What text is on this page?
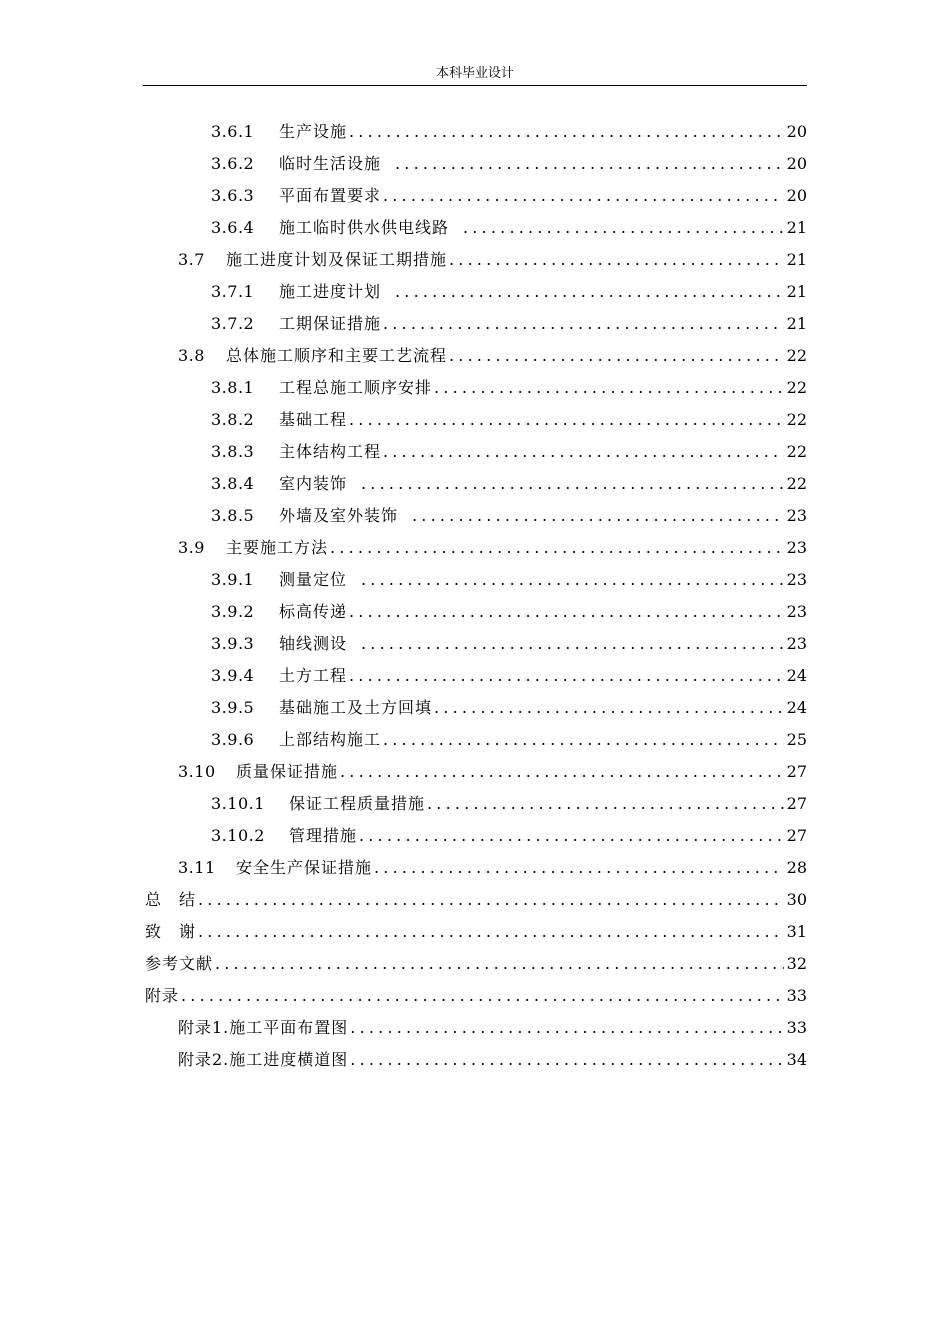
本科毕业设计
3.6.1	生产设施 .....	20
3.6.2	临时生活设施 .....	20
3.6.3	平面布置要求 .....	20
3.6.4	施工临时供水供电线路 .....	21
3.7	施工进度计划及保证工期措施 .....	21
3.7.1	施工进度计划 .....	21
3.7.2	工期保证措施 .....	21
3.8	总体施工顺序和主要工艺流程 .....	22
3.8.1	工程总施工顺序安排 .....	22
3.8.2	基础工程 .....	22
3.8.3	主体结构工程 .....	22
3.8.4	室内装饰 .....	22
3.8.5	外墙及室外装饰 .....	23
3.9	主要施工方法 .....	23
3.9.1	测量定位 .....	23
3.9.2	标高传递 .....	23
3.9.3	轴线测设 .....	23
3.9.4	土方工程 .....	24
3.9.5	基础施工及土方回填 .....	24
3.9.6	上部结构施工 .....	25
3.10	质量保证措施 .....	27
3.10.1	保证工程质量措施 .....	27
3.10.2	管理措施 .....	27
3.11	安全生产保证措施 .....	28
总　结 .....	30
致　谢 .....	31
参考文献 .....	32
附录 .....	33
附录1.施工平面布置图 .....	33
附录2.施工进度横道图 .....	34
